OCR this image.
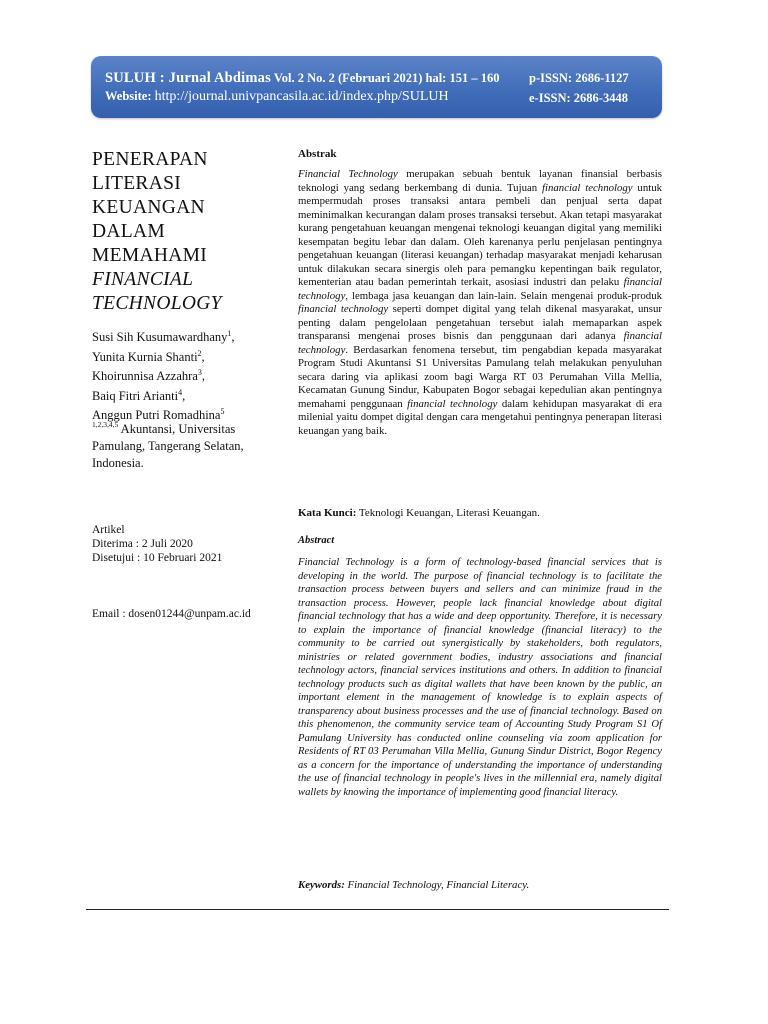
SULUH : Jurnal Abdimas Vol. 2 No. 2 (Februari 2021) hal: 151 – 160 p-ISSN: 2686-1127
Website: http://journal.univpancasila.ac.id/index.php/SULUH	e-ISSN: 2686-3448
PENERAPAN
LITERASI
KEUANGAN
DALAM
MEMAHAMI
FINANCIAL
TECHNOLOGY
Susi Sih Kusumawardhany$^1$,
Yunita Kurnia Shanti$^2$,
Khoirunnisa Azzahra$^3$,
Baiq Fitri Arianti$^4$,
Anggun Putri Romadhina$^5$
$^{1,2,3,4,5}$ Akuntansi, Universitas Pamulang, Tangerang Selatan, Indonesia.
Artikel
Diterima : 2 Juli 2020
Disetujui : 10 Februari 2021
Email : dosen01244@unpam.ac.id
Abstrak
Financial Technology merupakan sebuah bentuk layanan finansial berbasis teknologi yang sedang berkembang di dunia. Tujuan financial technology untuk mempermudah proses transaksi antara pembeli dan penjual serta dapat meminimalkan kecurangan dalam proses transaksi tersebut. Akan tetapi masyarakat kurang pengetahuan keuangan mengenai teknologi keuangan digital yang memiliki kesempatan begitu lebar dan dalam. Oleh karenanya perlu penjelasan pentingnya pengetahuan keuangan (literasi keuangan) terhadap masyarakat menjadi keharusan untuk dilakukan secara sinergis oleh para pemangku kepentingan baik regulator, kementerian atau badan pemerintah terkait, asosiasi industri dan pelaku financial technology, lembaga jasa keuangan dan lain-lain. Selain mengenai produk-produk financial technology seperti dompet digital yang telah dikenal masyarakat, unsur penting dalam pengelolaan pengetahuan tersebut ialah memaparkan aspek transparansi mengenai proses bisnis dan penggunaan dari adanya financial technology. Berdasarkan fenomena tersebut, tim pengabdian kepada masyarakat Program Studi Akuntansi S1 Universitas Pamulang telah melakukan penyuluhan secara daring via aplikasi zoom bagi Warga RT 03 Perumahan Villa Mellia, Kecamatan Gunung Sindur, Kabupaten Bogor sebagai kepedulian akan pentingnya memahami penggunaan financial technology dalam kehidupan masyarakat di era milenial yaitu dompet digital dengan cara mengetahui pentingnya penerapan literasi keuangan yang baik.
Kata Kunci: Teknologi Keuangan, Literasi Keuangan.
Abstract
Financial Technology is a form of technology-based financial services that is developing in the world. The purpose of financial technology is to facilitate the transaction process between buyers and sellers and can minimize fraud in the transaction process. However, people lack financial knowledge about digital financial technology that has a wide and deep opportunity. Therefore, it is necessary to explain the importance of financial knowledge (financial literacy) to the community to be carried out synergistically by stakeholders, both regulators, ministries or related government bodies, industry associations and financial technology actors, financial services institutions and others. In addition to financial technology products such as digital wallets that have been known by the public, an important element in the management of knowledge is to explain aspects of transparency about business processes and the use of financial technology. Based on this phenomenon, the community service team of Accounting Study Program S1 Of Pamulang University has conducted online counseling via zoom application for Residents of RT 03 Perumahan Villa Mellia, Gunung Sindur District, Bogor Regency as a concern for the importance of understanding the importance of understanding the use of financial technology in people's lives in the millennial era, namely digital wallets by knowing the importance of implementing good financial literacy.
Keywords: Financial Technology, Financial Literacy.
